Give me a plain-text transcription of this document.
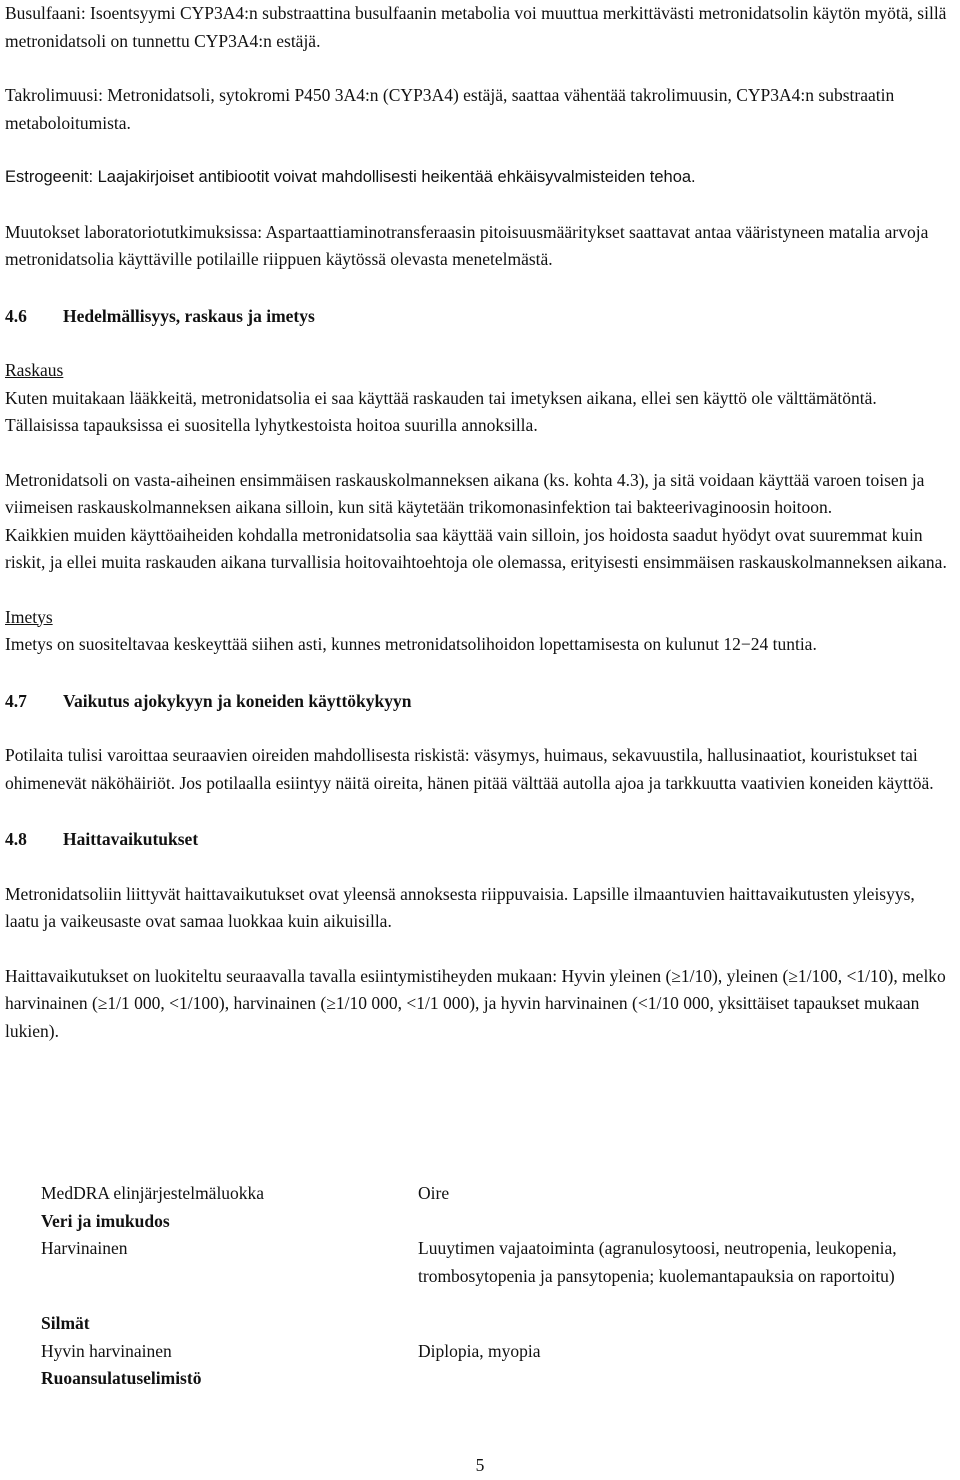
Busulfaani: Isoentsyymi CYP3A4:n substraattina busulfaanin metabolia voi muuttua merkittävästi metronidatsolin käytön myötä, sillä metronidatsoli on tunnettu CYP3A4:n estäjä.

Takrolimuusi: Metronidatsoli, sytokromi P450 3A4:n (CYP3A4) estäjä, saattaa vähentää takrolimuusin, CYP3A4:n substraatin metaboloitumista.

Estrogeenit: Laajakirjoiset antibiootit voivat mahdollisesti heikentää ehkäisyvalmisteiden tehoa.

Muutokset laboratoriotutkimuksissa: Aspartaattiaminotransferaasin pitoisuusmääritykset saattavat antaa vääristyneen matalia arvoja metronidatsolia käyttäville potilaille riippuen käytössä olevasta menetelmästä.

4.6 Hedelmällisyys, raskaus ja imetys

Raskaus

Kuten muitakaan lääkkeitä, metronidatsolia ei saa käyttää raskauden tai imetyksen aikana, ellei sen käyttö ole välttämätöntä. Tällaisissa tapauksissa ei suositella lyhytkestoista hoitoa suurilla annoksilla.

Metronidatsoli on vasta-aiheinen ensimmäisen raskauskolmanneksen aikana (ks. kohta 4.3), ja sitä voidaan käyttää varoen toisen ja viimeisen raskauskolmanneksen aikana silloin, kun sitä käytetään trikomonasinfektion tai bakteerivaginoosin hoitoon.

Kaikkien muiden käyttöaiheiden kohdalla metronidatsolia saa käyttää vain silloin, jos hoidosta saadut hyödyt ovat suuremmat kuin riskit, ja ellei muita raskauden aikana turvallisia hoitovaihtoehtoja ole olemassa, erityisesti ensimmäisen raskauskolmanneksen aikana.

Imetys

Imetys on suositeltavaa keskeyttää siihen asti, kunnes metronidatsolihoidon lopettamisesta on kulunut 12−24 tuntia.

4.7 Vaikutus ajokykyyn ja koneiden käyttökykyyn

Potilaita tulisi varoittaa seuraavien oireiden mahdollisesta riskistä: väsymys, huimaus, sekavuustila, hallusinaatiot, kouristukset tai ohimenevät näköhäiriöt. Jos potilaalla esiintyy näitä oireita, hänen pitää välttää autolla ajoa ja tarkkuutta vaativien koneiden käyttöä.

4.8 Haittavaikutukset

Metronidatsoliin liittyvät haittavaikutukset ovat yleensä annoksesta riippuvaisia. Lapsille ilmaantuvien haittavaikutusten yleisyys, laatu ja vaikeusaste ovat samaa luokkaa kuin aikuisilla.

Haittavaikutukset on luokiteltu seuraavalla tavalla esiintymistiheyden mukaan: Hyvin yleinen (≥1/10), yleinen (≥1/100, <1/10), melko harvinainen (≥1/1 000, <1/100), harvinainen (≥1/10 000, <1/1 000), ja hyvin harvinainen (<1/10 000, yksittäiset tapaukset mukaan lukien).

MedDRA elinjärjestelmäluokka	Oire
Veri ja imukudos
Harvinainen	Luuytimen vajaatoiminta (agranulosytoosi, neutropenia, leukopenia, trombosytopenia ja pansytopenia; kuolemantapauksia on raportoitu)
Silmät
Hyvin harvinainen	Diplopia, myopia
Ruoansulatuselimistö
5
